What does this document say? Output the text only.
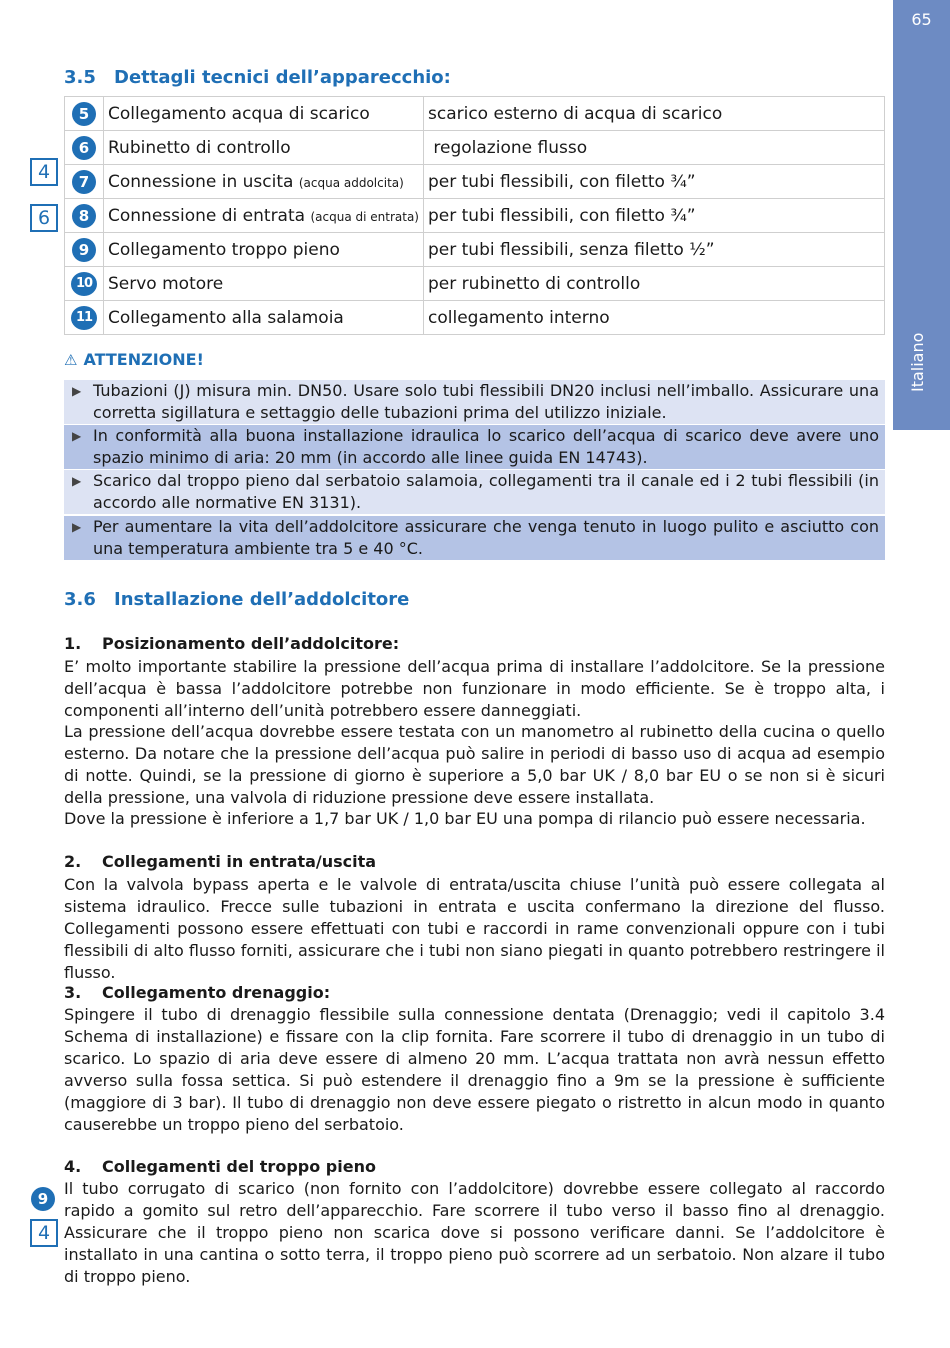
65
Italiano
3.5 Dettagli tecnici dell’apparecchio:
5	Collegamento acqua di scarico	scarico esterno di acqua di scarico
6	Rubinetto di controllo	regolazione flusso
7	Connessione in uscita (acqua addolcita)	per tubi flessibili, con filetto ¾”
8	Connessione di entrata (acqua di entrata)	per tubi flessibili, con filetto ¾”
9	Collegamento troppo pieno	per tubi flessibili, senza filetto ½”
10	Servo motore	per rubinetto di controllo
11	Collegamento alla salamoia	collegamento interno
4
6
⚠ ATTENZIONE!
▶ Tubazioni (J) misura min. DN50. Usare solo tubi flessibili DN20 inclusi nell’imballo. Assicurare una corretta sigillatura e settaggio delle tubazioni prima del utilizzo iniziale.
▶ In conformità alla buona installazione idraulica lo scarico dell’acqua di scarico deve avere uno spazio minimo di aria: 20 mm (in accordo alle linee guida EN 14743).
▶ Scarico dal troppo pieno dal serbatoio salamoia, collegamenti tra il canale ed i 2 tubi flessibili (in accordo alle normative EN 3131).
▶ Per aumentare la vita dell’addolcitore assicurare che venga tenuto in luogo pulito e asciutto con una temperatura ambiente tra 5 e 40 °C.
3.6 Installazione dell’addolcitore
1. Posizionamento dell’addolcitore:
E’ molto importante stabilire la pressione dell’acqua prima di installare l’addolcitore. Se la pressione dell’acqua è bassa l’addolcitore potrebbe non funzionare in modo efficiente. Se è troppo alta, i componenti all’interno dell’unità potrebbero essere danneggiati.
La pressione dell’acqua dovrebbe essere testata con un manometro al rubinetto della cucina o quello esterno. Da notare che la pressione dell’acqua può salire in periodi di basso uso di acqua ad esempio di notte. Quindi, se la pressione di giorno è superiore a 5,0 bar UK / 8,0 bar EU o se non si è sicuri della pressione, una valvola di riduzione pressione deve essere installata.
Dove la pressione è inferiore a 1,7 bar UK / 1,0 bar EU una pompa di rilancio può essere necessaria.
2. Collegamenti in entrata/uscita
Con la valvola bypass aperta e le valvole di entrata/uscita chiuse l’unità può essere collegata al sistema idraulico. Frecce sulle tubazioni in entrata e uscita confermano la direzione del flusso. Collegamenti possono essere effettuati con tubi e raccordi in rame convenzionali oppure con i tubi flessibili di alto flusso forniti, assicurare che i tubi non siano piegati in quanto potrebbero restringere il flusso.
3. Collegamento drenaggio:
Spingere il tubo di drenaggio flessibile sulla connessione dentata (Drenaggio; vedi il capitolo 3.4 Schema di installazione) e fissare con la clip fornita. Fare scorrere il tubo di drenaggio in un tubo di scarico. Lo spazio di aria deve essere di almeno 20 mm. L’acqua trattata non avrà nessun effetto avverso sulla fossa settica. Si può estendere il drenaggio fino a 9m se la pressione è sufficiente (maggiore di 3 bar). Il tubo di drenaggio non deve essere piegato o ristretto in alcun modo in quanto causerebbe un troppo pieno del serbatoio.
4. Collegamenti del troppo pieno
Il tubo corrugato di scarico (non fornito con l’addolcitore) dovrebbe essere collegato al raccordo rapido a gomito sul retro dell’apparecchio. Fare scorrere il tubo verso il basso fino al drenaggio. Assicurare che il troppo pieno non scarica dove si possono verificare danni. Se l’addolcitore è installato in una cantina o sotto terra, il troppo pieno può scorrere ad un serbatoio. Non alzare il tubo di troppo pieno.
9
4
